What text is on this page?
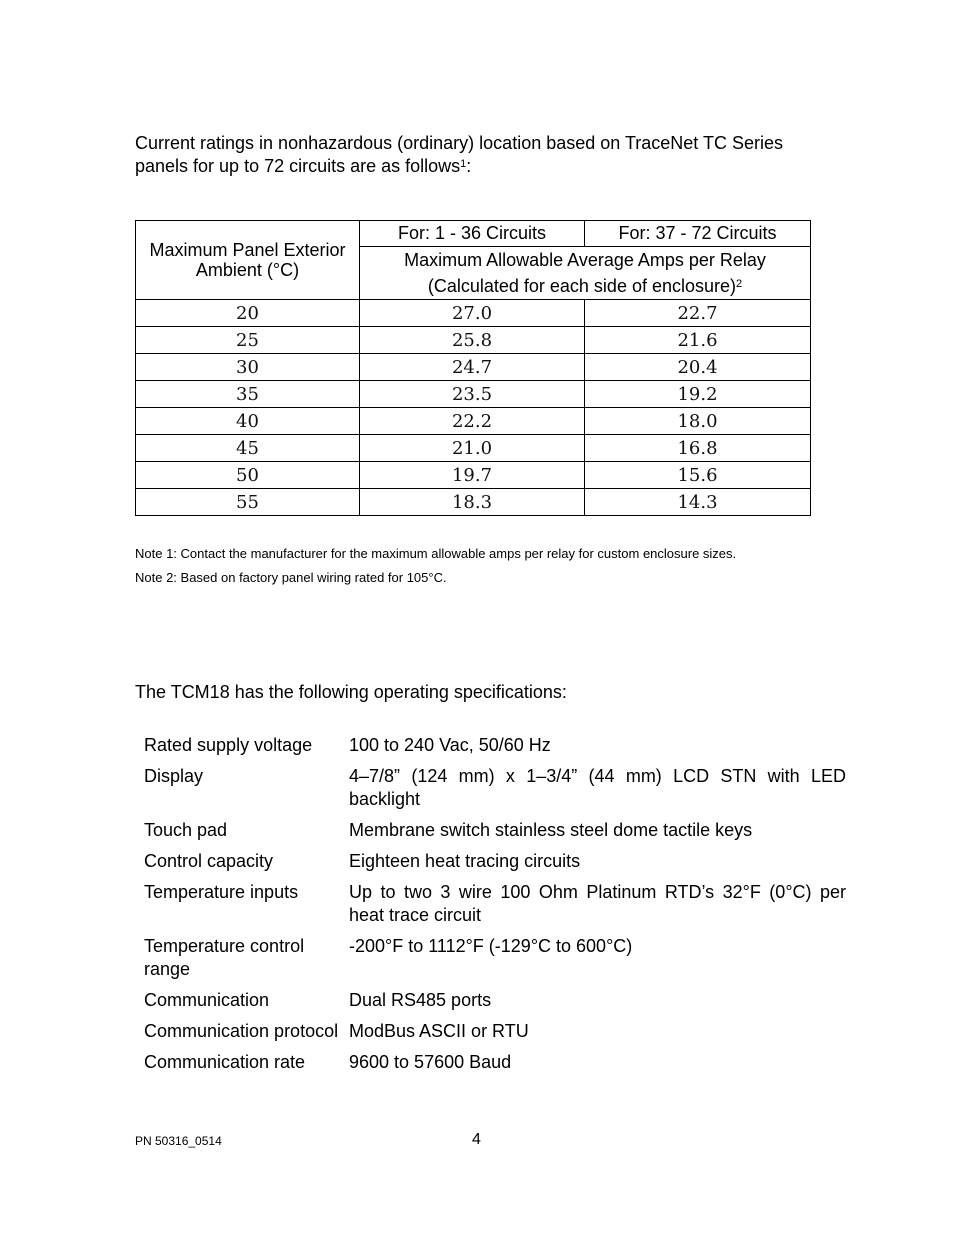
Current ratings in nonhazardous (ordinary) location based on TraceNet TC Series panels for up to 72 circuits are as follows$^1$:
Maximum Panel Exterior Ambient (°C)	For: 1 - 36 Circuits	For: 37 - 72 Circuits
	Maximum Allowable Average Amps per Relay
(Calculated for each side of enclosure)$^2$
20	27.0	22.7
25	25.8	21.6
30	24.7	20.4
35	23.5	19.2
40	22.2	18.0
45	21.0	16.8
50	19.7	15.6
55	18.3	14.3
Note 1: Contact the manufacturer for the maximum allowable amps per relay for custom enclosure sizes.
Note 2: Based on factory panel wiring rated for 105°C.
The TCM18 has the following operating specifications:
Rated supply voltage	100 to 240 Vac, 50/60 Hz
Display	4–7/8” (124 mm) x 1–3/4” (44 mm) LCD STN with LED backlight
Touch pad	Membrane switch stainless steel dome tactile keys
Control capacity	Eighteen heat tracing circuits
Temperature inputs	Up to two 3 wire 100 Ohm Platinum RTD’s 32°F (0°C) per heat trace circuit
Temperature control range	-200°F to 1112°F (-129°C to 600°C)
Communication	Dual RS485 ports
Communication protocol	ModBus ASCII or RTU
Communication rate	9600 to 57600 Baud
PN 50316_0514	4
